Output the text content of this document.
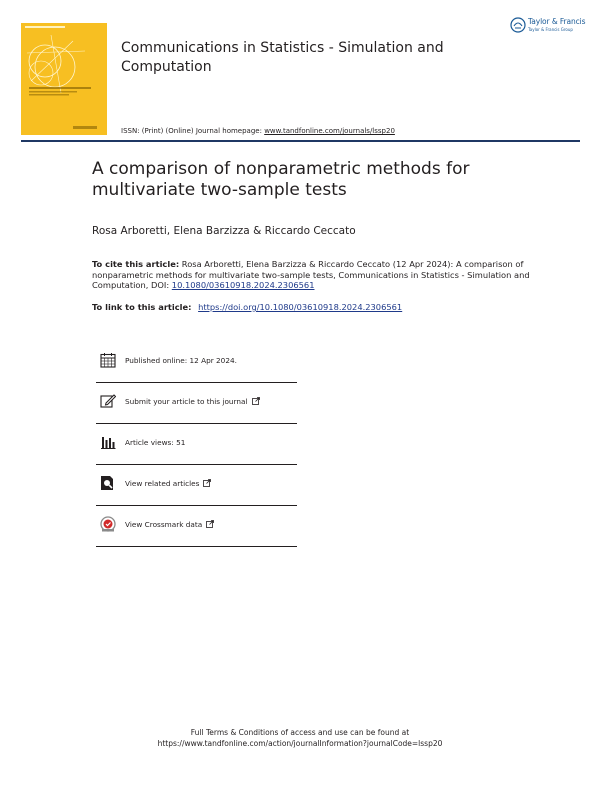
Taylor & Francis
Taylor & Francis Group
Communications in Statistics - Simulation and Computation
ISSN: (Print) (Online) Journal homepage: www.tandfonline.com/journals/lssp20
A comparison of nonparametric methods for multivariate two-sample tests
Rosa Arboretti, Elena Barzizza & Riccardo Ceccato
To cite this article: Rosa Arboretti, Elena Barzizza & Riccardo Ceccato (12 Apr 2024): A comparison of nonparametric methods for multivariate two-sample tests, Communications in Statistics - Simulation and Computation, DOI: 10.1080/03610918.2024.2306561
To link to this article: https://doi.org/10.1080/03610918.2024.2306561
Published online: 12 Apr 2024.
Submit your article to this journal
Article views: 51
View related articles
View Crossmark data
Full Terms & Conditions of access and use can be found at
https://www.tandfonline.com/action/journalInformation?journalCode=lssp20
